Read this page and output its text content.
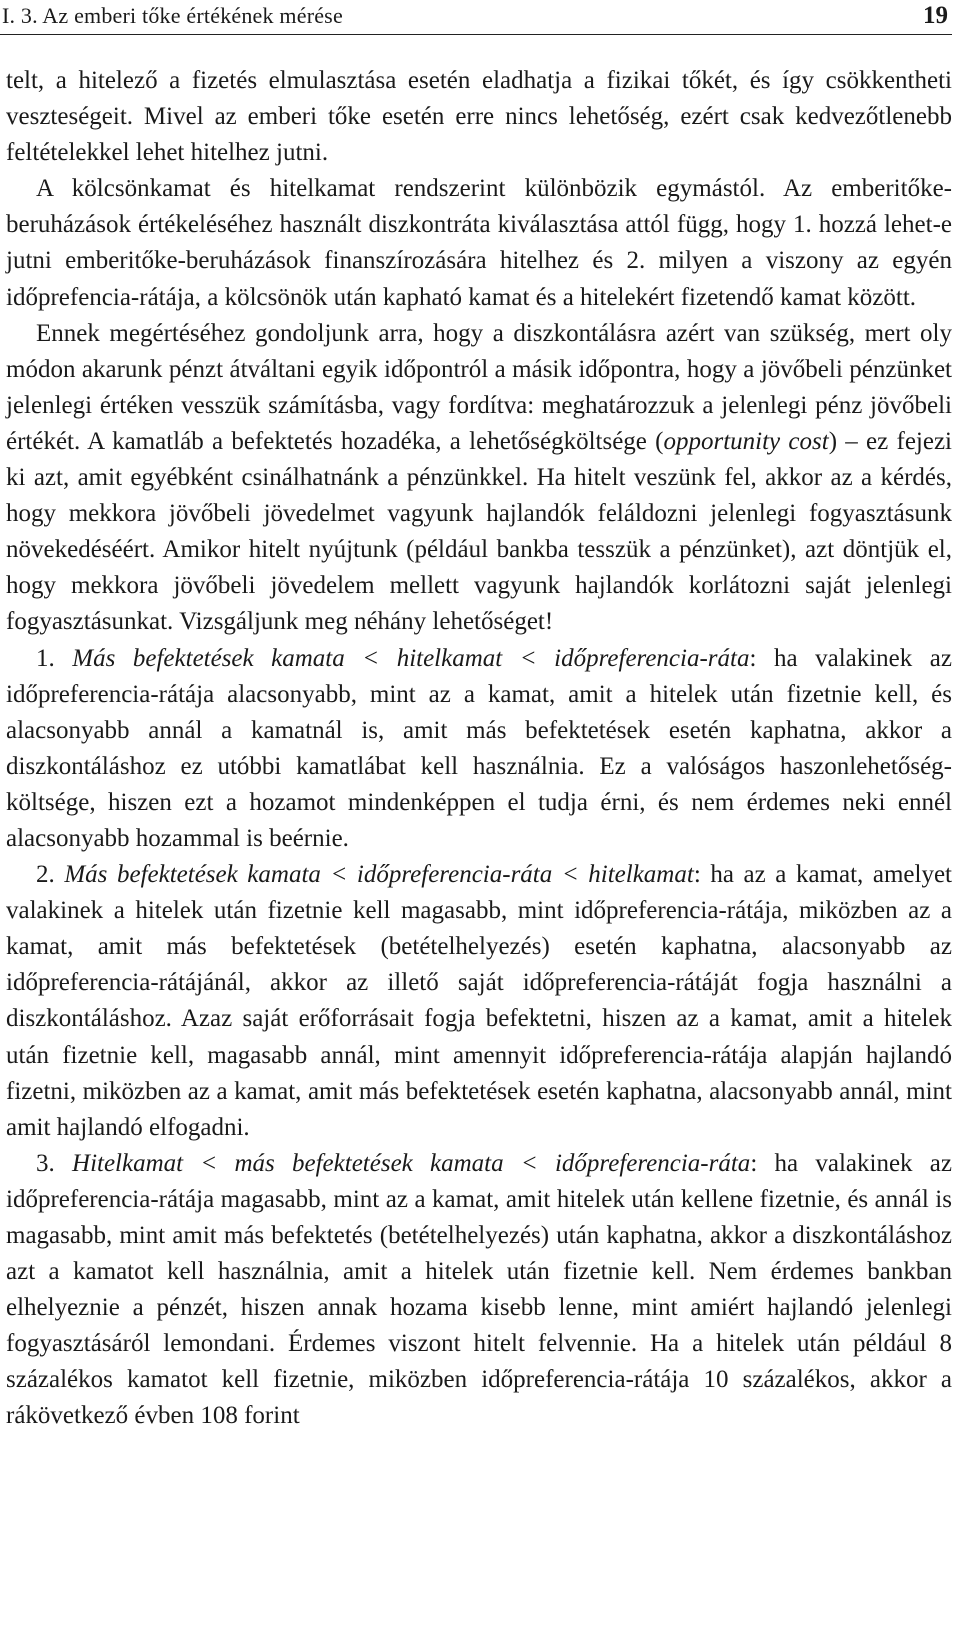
I. 3. Az emberi tőke értékének mérése	19

telt, a hitelező a fizetés elmulasztása esetén eladhatja a fizikai tőkét, és így csökkentheti veszteségeit. Mivel az emberi tőke esetén erre nincs lehetőség, ezért csak kedvezőtlenebb feltételekkel lehet hitelhez jutni.

A kölcsönkamat és hitelkamat rendszerint különbözik egymástól. Az emberitőke-beruházások értékeléséhez használt diszkontráta kiválasztása attól függ, hogy 1. hozzá lehet-e jutni emberitőke-beruházások finanszírozására hitelhez és 2. milyen a viszony az egyén időprefencia-rátája, a kölcsönök után kapható kamat és a hitelekért fizetendő kamat között.

Ennek megértéséhez gondoljunk arra, hogy a diszkontálásra azért van szükség, mert oly módon akarunk pénzt átváltani egyik időpontról a másik időpontra, hogy a jövőbeli pénzünket jelenlegi értéken vesszük számításba, vagy fordítva: meghatározzuk a jelenlegi pénz jövőbeli értékét. A kamatláb a befektetés hozadéka, a lehetőségköltsége (opportunity cost) – ez fejezi ki azt, amit egyébként csinálhatnánk a pénzünkkel. Ha hitelt veszünk fel, akkor az a kérdés, hogy mekkora jövőbeli jövedelmet vagyunk hajlandók feláldozni jelenlegi fogyasztásunk növekedéséért. Amikor hitelt nyújtunk (például bankba tesszük a pénzünket), azt döntjük el, hogy mekkora jövőbeli jövedelem mellett vagyunk hajlandók korlátozni saját jelenlegi fogyasztásunkat. Vizsgáljunk meg néhány lehetőséget!

1. Más befektetések kamata < hitelkamat < időpreferencia-ráta: ha valakinek az időpreferencia-rátája alacsonyabb, mint az a kamat, amit a hitelek után fizetnie kell, és alacsonyabb annál a kamatnál is, amit más befektetések esetén kaphatna, akkor a diszkontáláshoz ez utóbbi kamatlábat kell használnia. Ez a valóságos haszonlehetőség-költsége, hiszen ezt a hozamot mindenképpen el tudja érni, és nem érdemes neki ennél alacsonyabb hozammal is beérnie.

2. Más befektetések kamata < időpreferencia-ráta < hitelkamat: ha az a kamat, amelyet valakinek a hitelek után fizetnie kell magasabb, mint időpreferencia-rátája, miközben az a kamat, amit más befektetések (betételhelyezés) esetén kaphatna, alacsonyabb az időpreferencia-rátájánál, akkor az illető saját időpreferencia-rátáját fogja használni a diszkontáláshoz. Azaz saját erőforrásait fogja befektetni, hiszen az a kamat, amit a hitelek után fizetnie kell, magasabb annál, mint amennyit időpreferencia-rátája alapján hajlandó fizetni, miközben az a kamat, amit más befektetések esetén kaphatna, alacsonyabb annál, mint amit hajlandó elfogadni.

3. Hitelkamat < más befektetések kamata < időpreferencia-ráta: ha valakinek az időpreferencia-rátája magasabb, mint az a kamat, amit hitelek után kellene fizetnie, és annál is magasabb, mint amit más befektetés (betételhelyezés) után kaphatna, akkor a diszkontáláshoz azt a kamatot kell használnia, amit a hitelek után fizetnie kell. Nem érdemes bankban elhelyeznie a pénzét, hiszen annak hozama kisebb lenne, mint amiért hajlandó jelenlegi fogyasztásáról lemondani. Érdemes viszont hitelt felvennie. Ha a hitelek után például 8 százalékos kamatot kell fizetnie, miközben időpreferencia-rátája 10 százalékos, akkor a rákövetkező évben 108 forint
